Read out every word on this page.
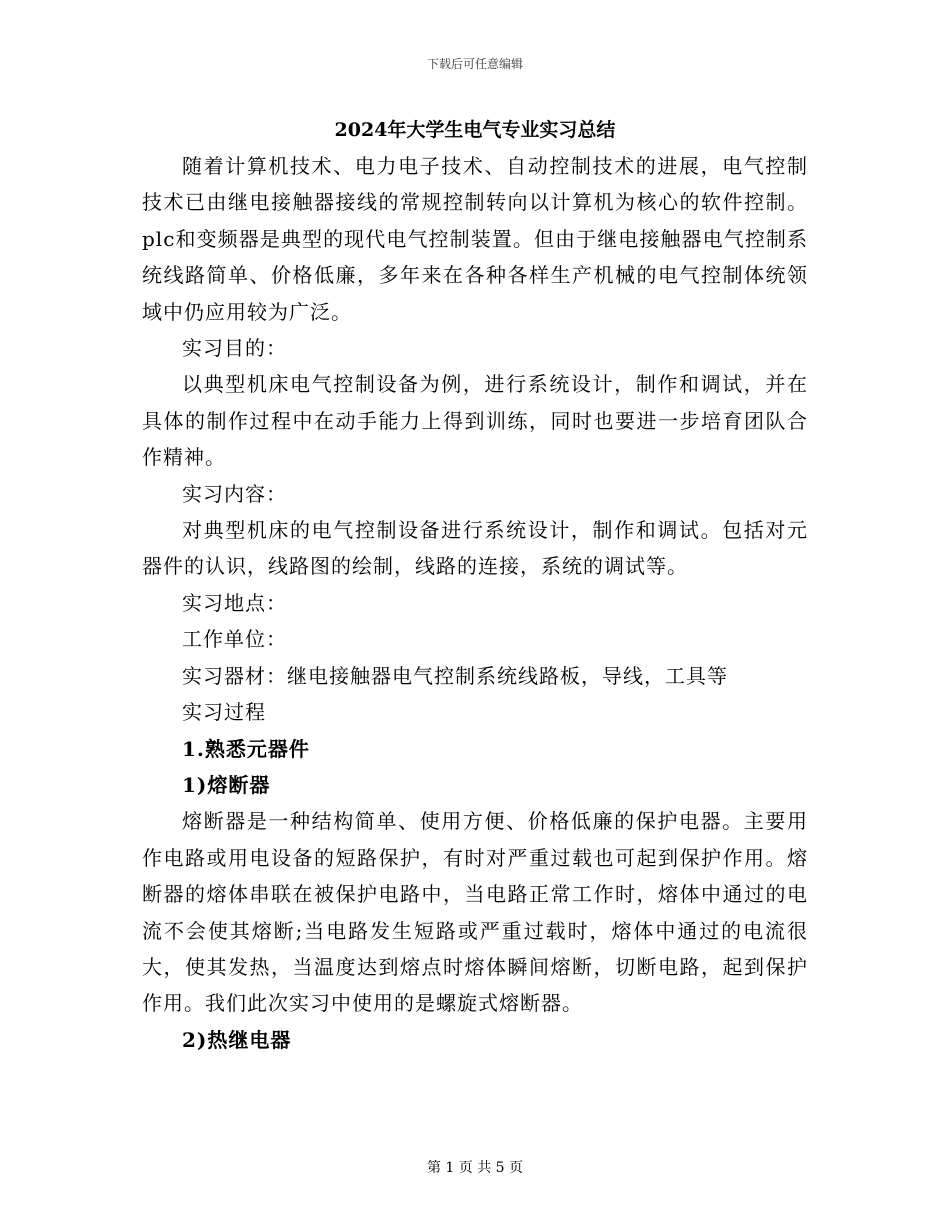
下载后可任意编辑

2024年大学生电气专业实习总结

随着计算机技术、电力电子技术、自动控制技术的进展，电气控制技术已由继电接触器接线的常规控制转向以计算机为核心的软件控制。plc和变频器是典型的现代电气控制装置。但由于继电接触器电气控制系统线路简单、价格低廉，多年来在各种各样生产机械的电气控制体统领域中仍应用较为广泛。

实习目的：

以典型机床电气控制设备为例，进行系统设计，制作和调试，并在具体的制作过程中在动手能力上得到训练，同时也要进一步培育团队合作精神。

实习内容：

对典型机床的电气控制设备进行系统设计，制作和调试。包括对元器件的认识，线路图的绘制，线路的连接，系统的调试等。

实习地点：

工作单位：

实习器材：继电接触器电气控制系统线路板，导线，工具等

实习过程

1.熟悉元器件

1)熔断器

熔断器是一种结构简单、使用方便、价格低廉的保护电器。主要用作电路或用电设备的短路保护，有时对严重过载也可起到保护作用。熔断器的熔体串联在被保护电路中，当电路正常工作时，熔体中通过的电流不会使其熔断;当电路发生短路或严重过载时，熔体中通过的电流很大，使其发热，当温度达到熔点时熔体瞬间熔断，切断电路，起到保护作用。我们此次实习中使用的是螺旋式熔断器。

2)热继电器

第 1 页 共 5 页
